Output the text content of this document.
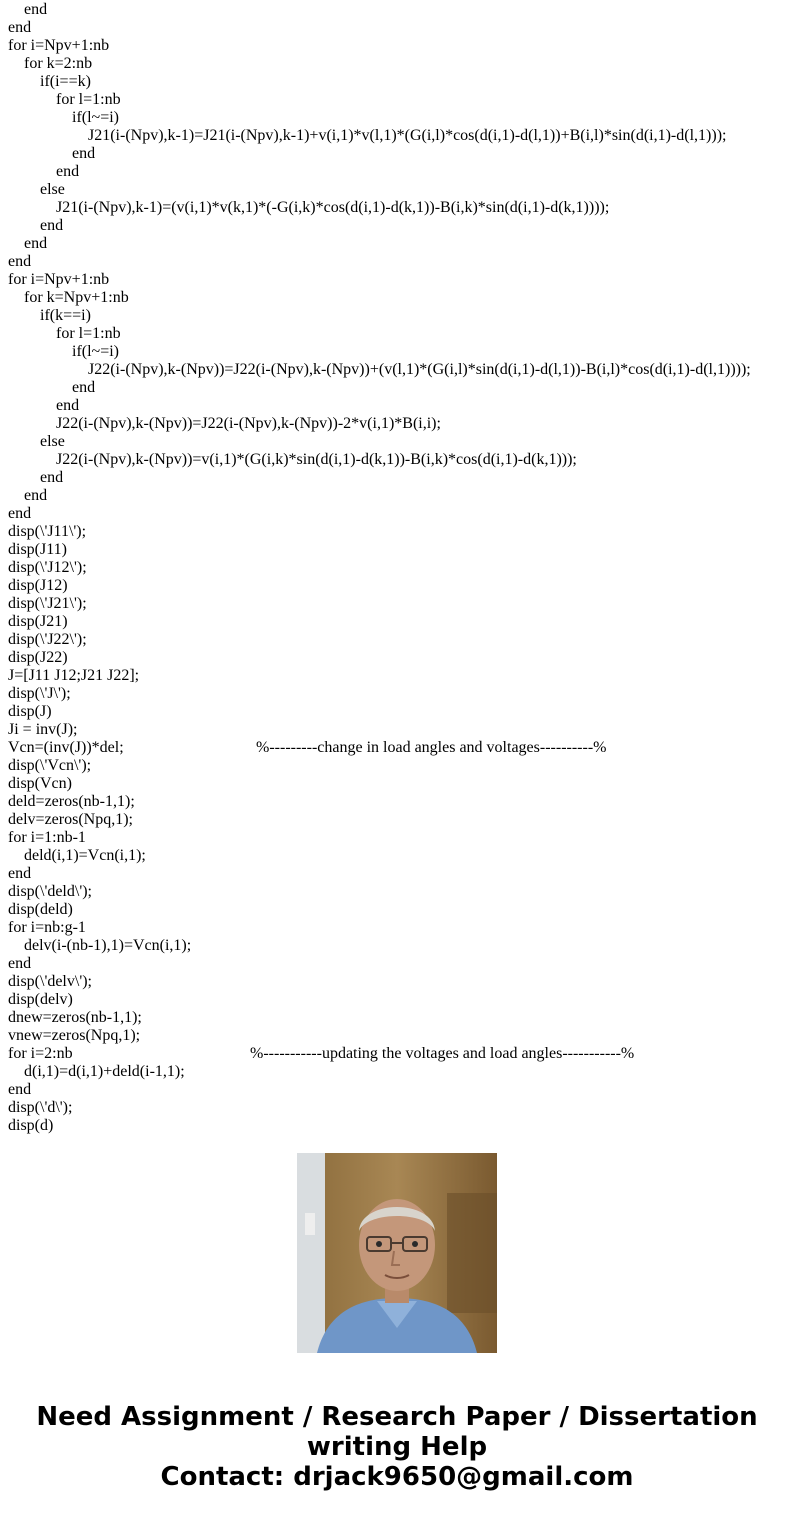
end
end
for i=Npv+1:nb
for k=2:nb
if(i==k)
for l=1:nb
if(l~=i)
J21(i-(Npv),k-1)=J21(i-(Npv),k-1)+v(i,1)*v(l,1)*(G(i,l)*cos(d(i,1)-d(l,1))+B(i,l)*sin(d(i,1)-d(l,1)));
end
end
else
J21(i-(Npv),k-1)=(v(i,1)*v(k,1)*(-G(i,k)*cos(d(i,1)-d(k,1))-B(i,k)*sin(d(i,1)-d(k,1))));
end
end
end
for i=Npv+1:nb
for k=Npv+1:nb
if(k==i)
for l=1:nb
if(l~=i)
J22(i-(Npv),k-(Npv))=J22(i-(Npv),k-(Npv))+(v(l,1)*(G(i,l)*sin(d(i,1)-d(l,1))-B(i,l)*cos(d(i,1)-d(l,1))));
end
end
J22(i-(Npv),k-(Npv))=J22(i-(Npv),k-(Npv))-2*v(i,1)*B(i,i);
else
J22(i-(Npv),k-(Npv))=v(i,1)*(G(i,k)*sin(d(i,1)-d(k,1))-B(i,k)*cos(d(i,1)-d(k,1)));
end
end
end
disp(\'J11\');
disp(J11)
disp(\'J12\');
disp(J12)
disp(\'J21\');
disp(J21)
disp(\'J22\');
disp(J22)
J=[J11 J12;J21 J22];
disp(\'J\');
disp(J)
Ji = inv(J);
Vcn=(inv(J))*del;	%---------change in load angles and voltages----------%
disp(\'Vcn\');
disp(Vcn)
deld=zeros(nb-1,1);
delv=zeros(Npq,1);
for i=1:nb-1
deld(i,1)=Vcn(i,1);
end
disp(\'deld\');
disp(deld)
for i=nb:g-1
delv(i-(nb-1),1)=Vcn(i,1);
end
disp(\'delv\');
disp(delv)
dnew=zeros(nb-1,1);
vnew=zeros(Npq,1);
for i=2:nb	%-----------updating the voltages and load angles-----------%
d(i,1)=d(i,1)+deld(i-1,1);
end
disp(\'d\');
disp(d)
Need Assignment / Research Paper / Dissertation
writing Help
Contact: drjack9650@gmail.com
